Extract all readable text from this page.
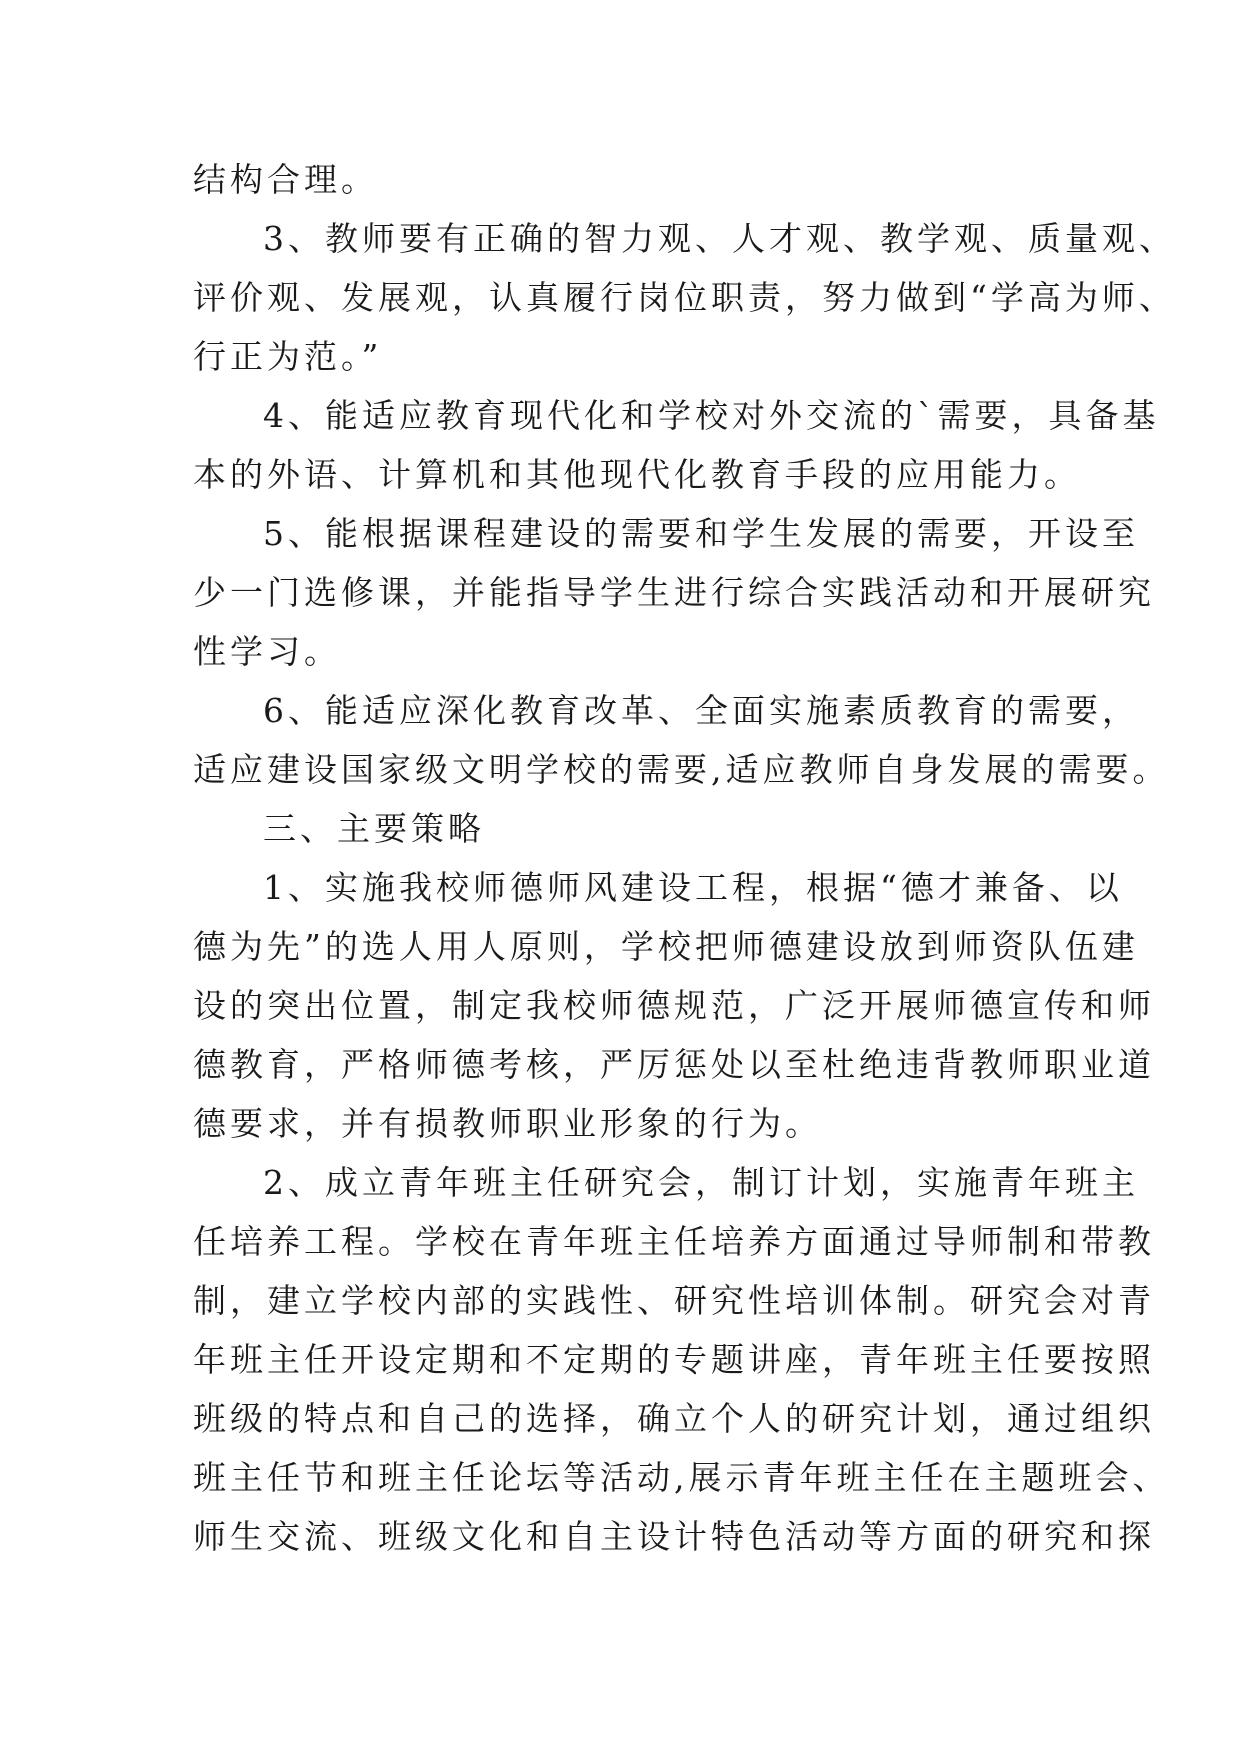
结构合理。
3、教师要有正确的智力观、人才观、教学观、质量观、
评价观、发展观，认真履行岗位职责，努力做到“学高为师、
行正为范。”
4、能适应教育现代化和学校对外交流的`需要，具备基
本的外语、计算机和其他现代化教育手段的应用能力。
5、能根据课程建设的需要和学生发展的需要，开设至
少一门选修课，并能指导学生进行综合实践活动和开展研究
性学习。
6、能适应深化教育改革、全面实施素质教育的需要，
适应建设国家级文明学校的需要,适应教师自身发展的需要。
三、主要策略
1、实施我校师德师风建设工程，根据“德才兼备、以
德为先”的选人用人原则，学校把师德建设放到师资队伍建
设的突出位置，制定我校师德规范，广泛开展师德宣传和师
德教育，严格师德考核，严厉惩处以至杜绝违背教师职业道
德要求，并有损教师职业形象的行为。
2、成立青年班主任研究会，制订计划，实施青年班主
任培养工程。学校在青年班主任培养方面通过导师制和带教
制，建立学校内部的实践性、研究性培训体制。研究会对青
年班主任开设定期和不定期的专题讲座，青年班主任要按照
班级的特点和自己的选择，确立个人的研究计划，通过组织
班主任节和班主任论坛等活动,展示青年班主任在主题班会、
师生交流、班级文化和自主设计特色活动等方面的研究和探
